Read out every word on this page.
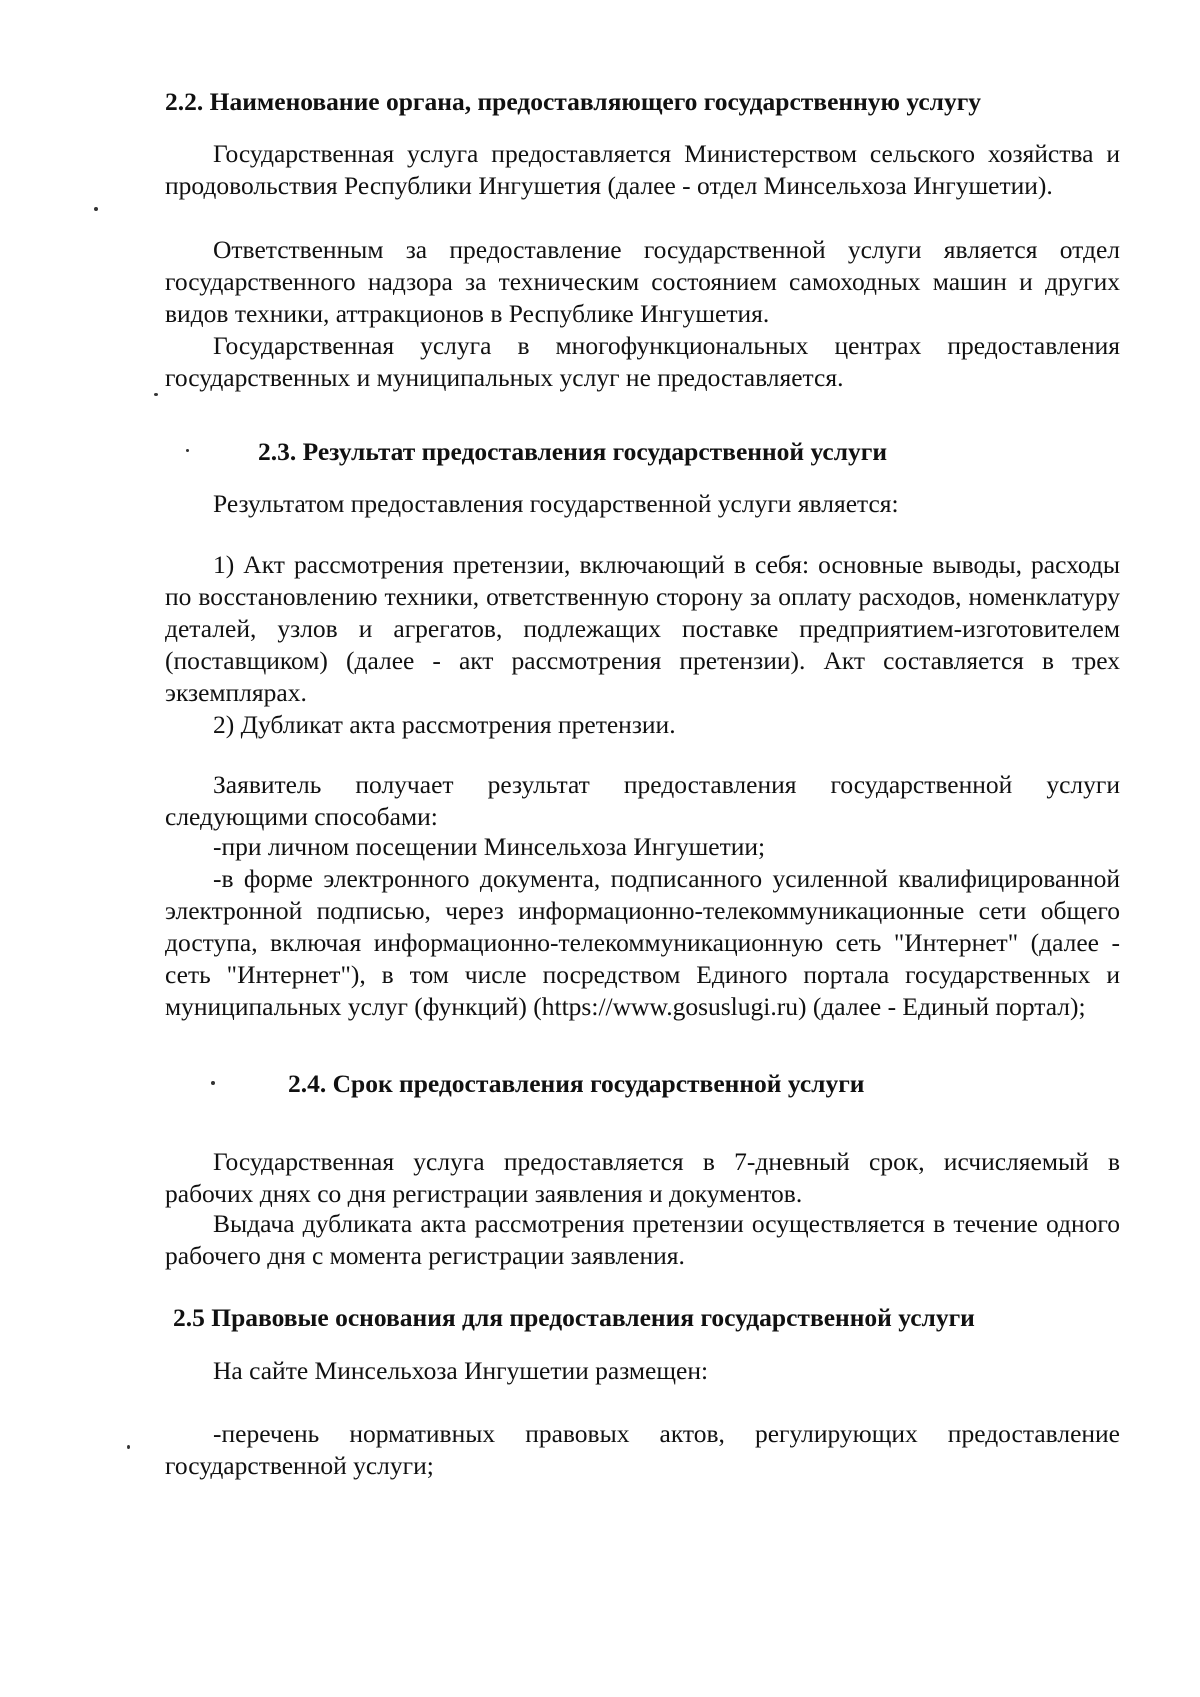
2.2. Наименование органа, предоставляющего государственную услугу

Государственная услуга предоставляется Министерством сельского хозяйства и продовольствия Республики Ингушетия (далее - отдел Минсельхоза Ингушетии).

Ответственным за предоставление государственной услуги является отдел государственного надзора за техническим состоянием самоходных машин и других видов техники, аттракционов в Республике Ингушетия.

Государственная услуга в многофункциональных центрах предоставления государственных и муниципальных услуг не предоставляется.

2.3. Результат предоставления государственной услуги

Результатом предоставления государственной услуги является:

1) Акт рассмотрения претензии, включающий в себя: основные выводы, расходы по восстановлению техники, ответственную сторону за оплату расходов, номенклатуру деталей, узлов и агрегатов, подлежащих поставке предприятием-изготовителем (поставщиком) (далее - акт рассмотрения претензии). Акт составляется в трех экземплярах.

2) Дубликат акта рассмотрения претензии.

Заявитель получает результат предоставления государственной услуги следующими способами:

-при личном посещении Минсельхоза Ингушетии;

-в форме электронного документа, подписанного усиленной квалифицированной электронной подписью, через информационно-телекоммуникационные сети общего доступа, включая информационно-телекоммуникационную сеть "Интернет" (далее - сеть "Интернет"), в том числе посредством Единого портала государственных и муниципальных услуг (функций) (https://www.gosuslugi.ru) (далее - Единый портал);

2.4. Срок предоставления государственной услуги

Государственная услуга предоставляется в 7-дневный срок, исчисляемый в рабочих днях со дня регистрации заявления и документов.

Выдача дубликата акта рассмотрения претензии осуществляется в течение одного рабочего дня с момента регистрации заявления.

2.5 Правовые основания для предоставления государственной услуги

На сайте Минсельхоза Ингушетии размещен:

-перечень нормативных правовых актов, регулирующих предоставление государственной услуги;
